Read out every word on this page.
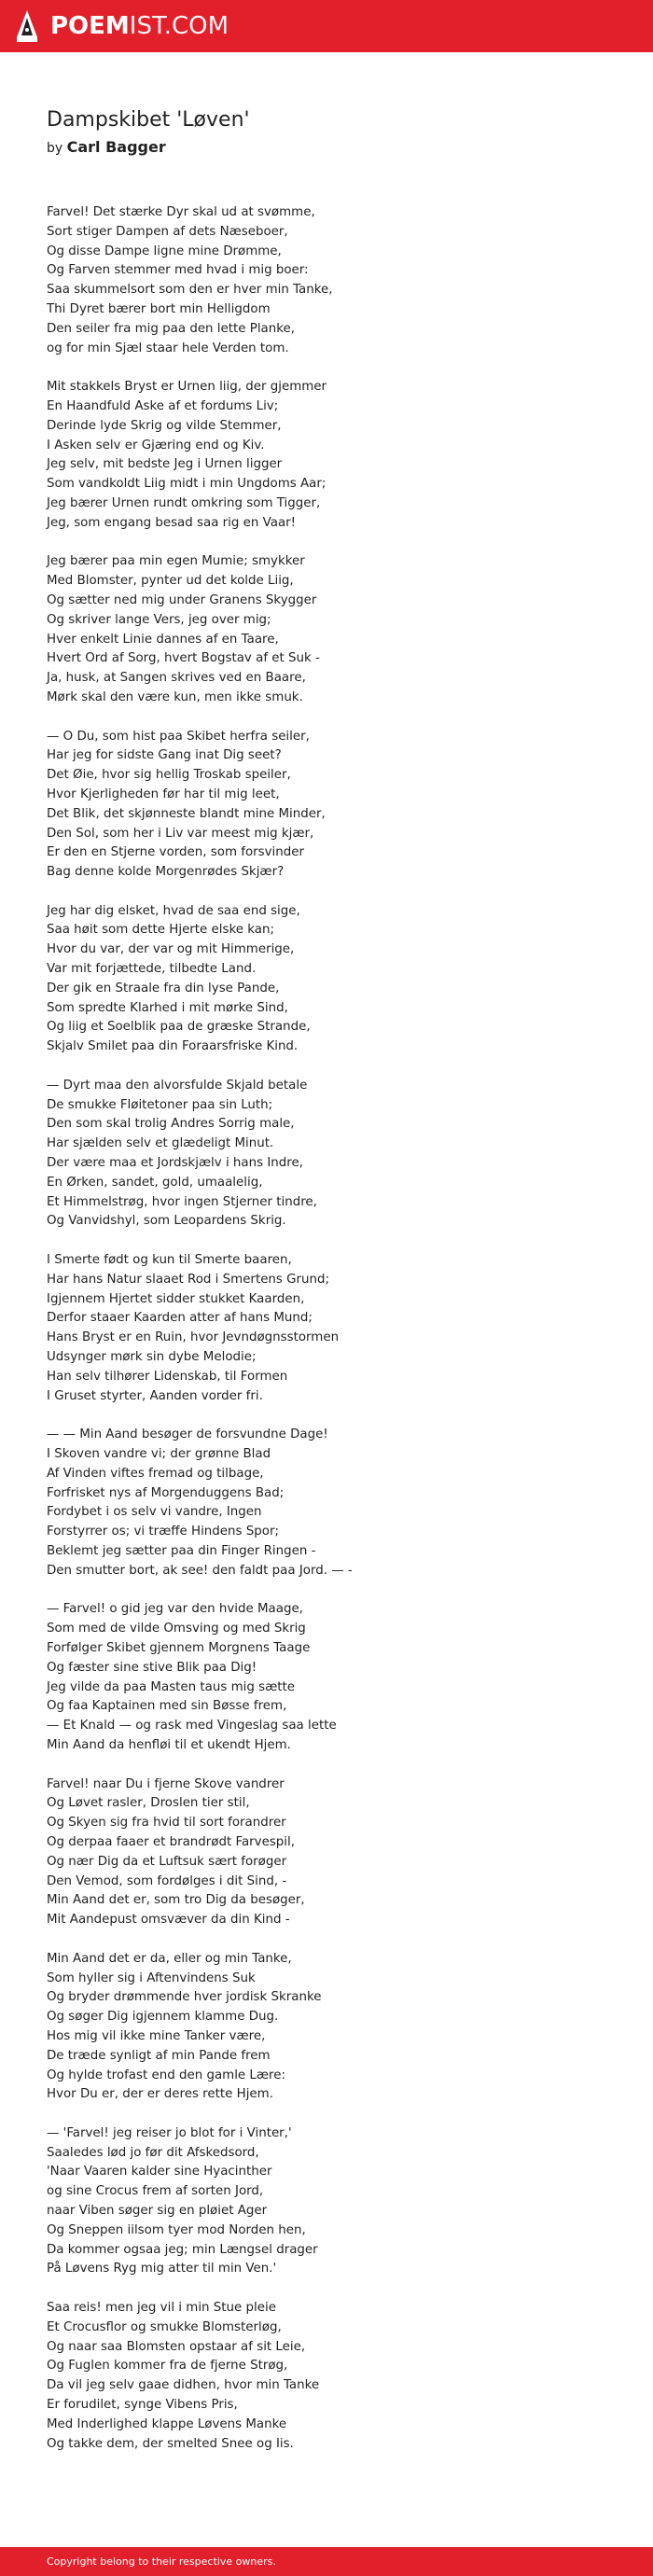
POEMIST.COM
Dampskibet 'Løven'
by Carl Bagger
Farvel! Det stærke Dyr skal ud at svømme,
Sort stiger Dampen af dets Næseboer,
Og disse Dampe ligne mine Drømme,
Og Farven stemmer med hvad i mig boer:
Saa skummelsort som den er hver min Tanke,
Thi Dyret bærer bort min Helligdom
Den seiler fra mig paa den lette Planke,
og for min Sjæl staar hele Verden tom.
Mit stakkels Bryst er Urnen liig, der gjemmer
En Haandfuld Aske af et fordums Liv;
Derinde lyde Skrig og vilde Stemmer,
I Asken selv er Gjæring end og Kiv.
Jeg selv, mit bedste Jeg i Urnen ligger
Som vandkoldt Liig midt i min Ungdoms Aar;
Jeg bærer Urnen rundt omkring som Tigger,
Jeg, som engang besad saa rig en Vaar!
Jeg bærer paa min egen Mumie; smykker
Med Blomster, pynter ud det kolde Liig,
Og sætter ned mig under Granens Skygger
Og skriver lange Vers, jeg over mig;
Hver enkelt Linie dannes af en Taare,
Hvert Ord af Sorg, hvert Bogstav af et Suk -
Ja, husk, at Sangen skrives ved en Baare,
Mørk skal den være kun, men ikke smuk.
— O Du, som hist paa Skibet herfra seiler,
Har jeg for sidste Gang inat Dig seet?
Det Øie, hvor sig hellig Troskab speiler,
Hvor Kjerligheden før har til mig leet,
Det Blik, det skjønneste blandt mine Minder,
Den Sol, som her i Liv var meest mig kjær,
Er den en Stjerne vorden, som forsvinder
Bag denne kolde Morgenrødes Skjær?
Jeg har dig elsket, hvad de saa end sige,
Saa høit som dette Hjerte elske kan;
Hvor du var, der var og mit Himmerige,
Var mit forjættede, tilbedte Land.
Der gik en Straale fra din lyse Pande,
Som spredte Klarhed i mit mørke Sind,
Og liig et Soelblik paa de græske Strande,
Skjalv Smilet paa din Foraarsfriske Kind.
— Dyrt maa den alvorsfulde Skjald betale
De smukke Fløitetoner paa sin Luth;
Den som skal trolig Andres Sorrig male,
Har sjælden selv et glædeligt Minut.
Der være maa et Jordskjælv i hans Indre,
En Ørken, sandet, gold, umaalelig,
Et Himmelstrøg, hvor ingen Stjerner tindre,
Og Vanvidshyl, som Leopardens Skrig.
I Smerte født og kun til Smerte baaren,
Har hans Natur slaaet Rod i Smertens Grund;
Igjennem Hjertet sidder stukket Kaarden,
Derfor staaer Kaarden atter af hans Mund;
Hans Bryst er en Ruin, hvor Jevndøgnsstormen
Udsynger mørk sin dybe Melodie;
Han selv tilhører Lidenskab, til Formen
I Gruset styrter, Aanden vorder fri.
— — Min Aand besøger de forsvundne Dage!
I Skoven vandre vi; der grønne Blad
Af Vinden viftes fremad og tilbage,
Forfrisket nys af Morgenduggens Bad;
Fordybet i os selv vi vandre, Ingen
Forstyrrer os; vi træffe Hindens Spor;
Beklemt jeg sætter paa din Finger Ringen -
Den smutter bort, ak see! den faldt paa Jord. — -
— Farvel! o gid jeg var den hvide Maage,
Som med de vilde Omsving og med Skrig
Forfølger Skibet gjennem Morgnens Taage
Og fæster sine stive Blik paa Dig!
Jeg vilde da paa Masten taus mig sætte
Og faa Kaptainen med sin Bøsse frem,
— Et Knald — og rask med Vingeslag saa lette
Min Aand da henfløi til et ukendt Hjem.
Farvel! naar Du i fjerne Skove vandrer
Og Løvet rasler, Droslen tier stil,
Og Skyen sig fra hvid til sort forandrer
Og derpaa faaer et brandrødt Farvespil,
Og nær Dig da et Luftsuk sært forøger
Den Vemod, som fordølges i dit Sind, -
Min Aand det er, som tro Dig da besøger,
Mit Aandepust omsvæver da din Kind -
Min Aand det er da, eller og min Tanke,
Som hyller sig i Aftenvindens Suk
Og bryder drømmende hver jordisk Skranke
Og søger Dig igjennem klamme Dug.
Hos mig vil ikke mine Tanker være,
De træde synligt af min Pande frem
Og hylde trofast end den gamle Lære:
Hvor Du er, der er deres rette Hjem.
— 'Farvel! jeg reiser jo blot for i Vinter,'
Saaledes lød jo før dit Afskedsord,
'Naar Vaaren kalder sine Hyacinther
og sine Crocus frem af sorten Jord,
naar Viben søger sig en pløiet Ager
Og Sneppen iilsom tyer mod Norden hen,
Da kommer ogsaa jeg; min Længsel drager
På Løvens Ryg mig atter til min Ven.'
Saa reis! men jeg vil i min Stue pleie
Et Crocusflor og smukke Blomsterløg,
Og naar saa Blomsten opstaar af sit Leie,
Og Fuglen kommer fra de fjerne Strøg,
Da vil jeg selv gaae didhen, hvor min Tanke
Er forudilet, synge Vibens Pris,
Med Inderlighed klappe Løvens Manke
Og takke dem, der smelted Snee og Iis.
Copyright belong to their respective owners.
